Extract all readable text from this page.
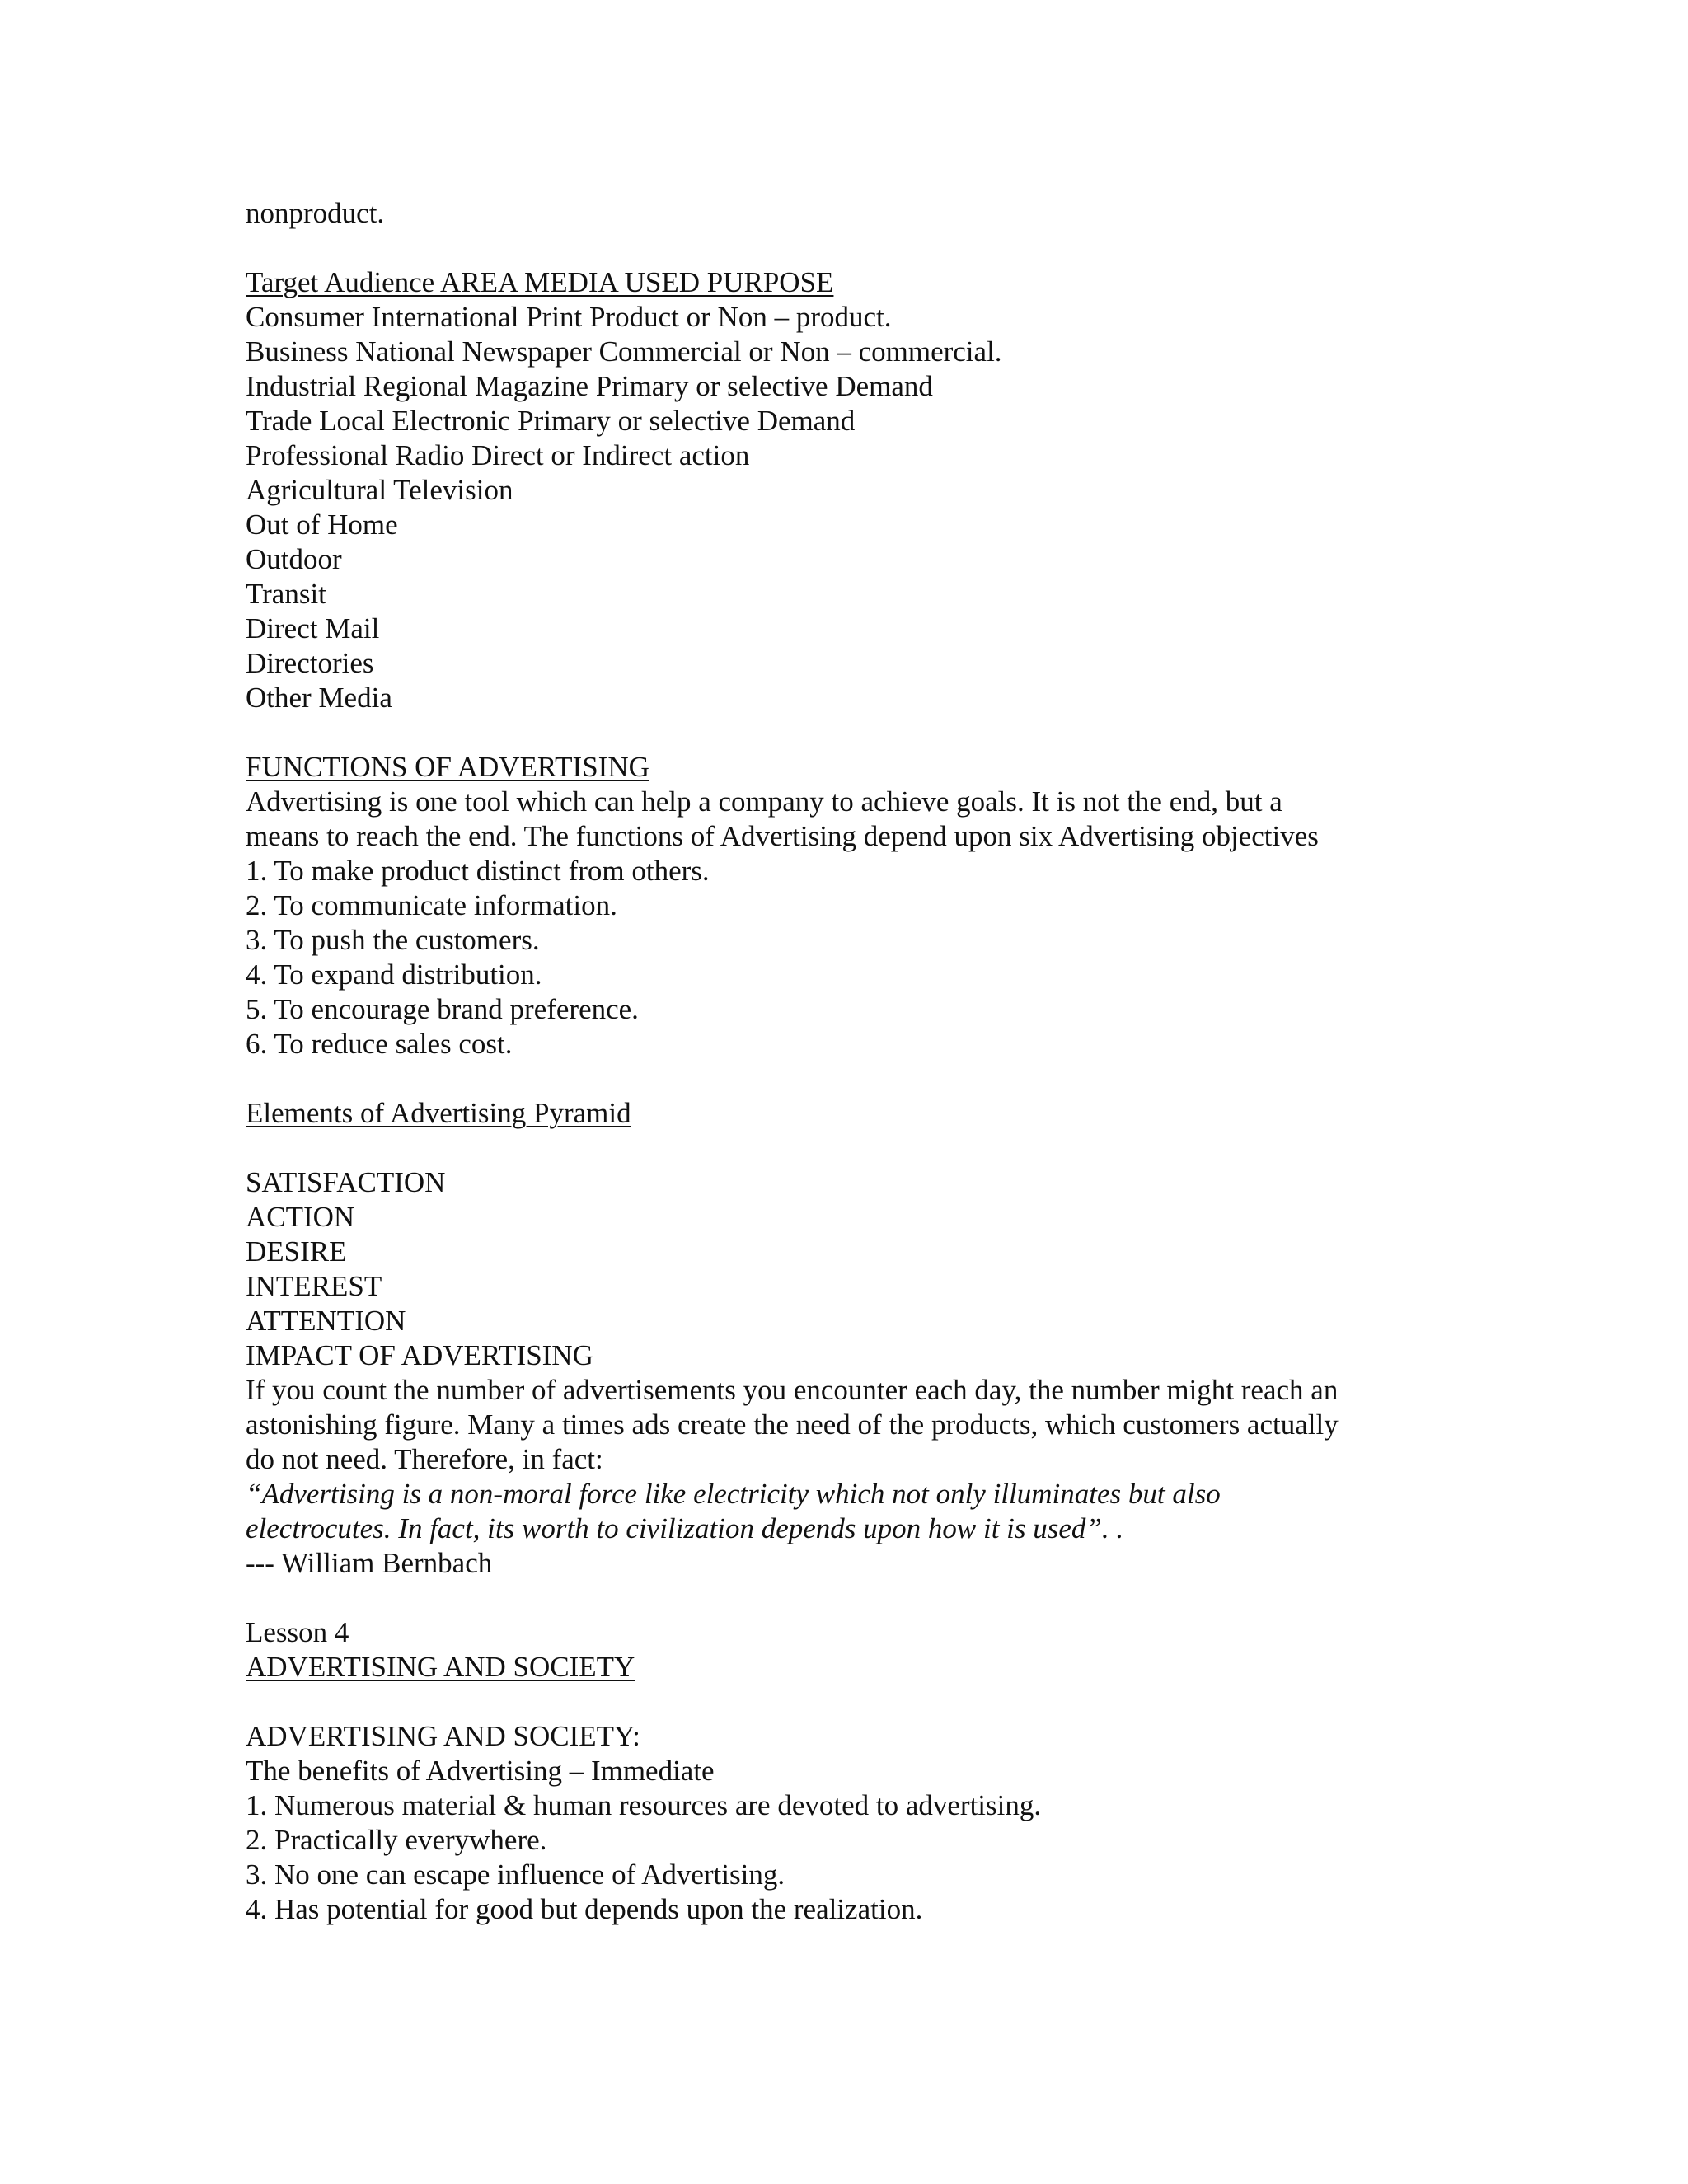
nonproduct.
Target Audience AREA MEDIA USED PURPOSE
Consumer International Print Product or Non – product.
Business National Newspaper Commercial or Non – commercial.
Industrial Regional Magazine Primary or selective Demand
Trade Local Electronic Primary or selective Demand
Professional Radio Direct or Indirect action
Agricultural Television
Out of Home
Outdoor
Transit
Direct Mail
Directories
Other Media
FUNCTIONS OF ADVERTISING
Advertising is one tool which can help a company to achieve goals. It is not the end, but a
means to reach the end. The functions of Advertising depend upon six Advertising objectives
1. To make product distinct from others.
2. To communicate information.
3. To push the customers.
4. To expand distribution.
5. To encourage brand preference.
6. To reduce sales cost.
Elements of Advertising Pyramid
SATISFACTION
ACTION
DESIRE
INTEREST
ATTENTION
IMPACT OF ADVERTISING
If you count the number of advertisements you encounter each day, the number might reach an
astonishing figure. Many a times ads create the need of the products, which customers actually
do not need. Therefore, in fact:
“Advertising is a non-moral force like electricity which not only illuminates but also
electrocutes. In fact, its worth to civilization depends upon how it is used”. .
--- William Bernbach
Lesson 4
ADVERTISING AND SOCIETY
ADVERTISING AND SOCIETY:
The benefits of Advertising – Immediate
1. Numerous material & human resources are devoted to advertising.
2. Practically everywhere.
3. No one can escape influence of Advertising.
4. Has potential for good but depends upon the realization.
